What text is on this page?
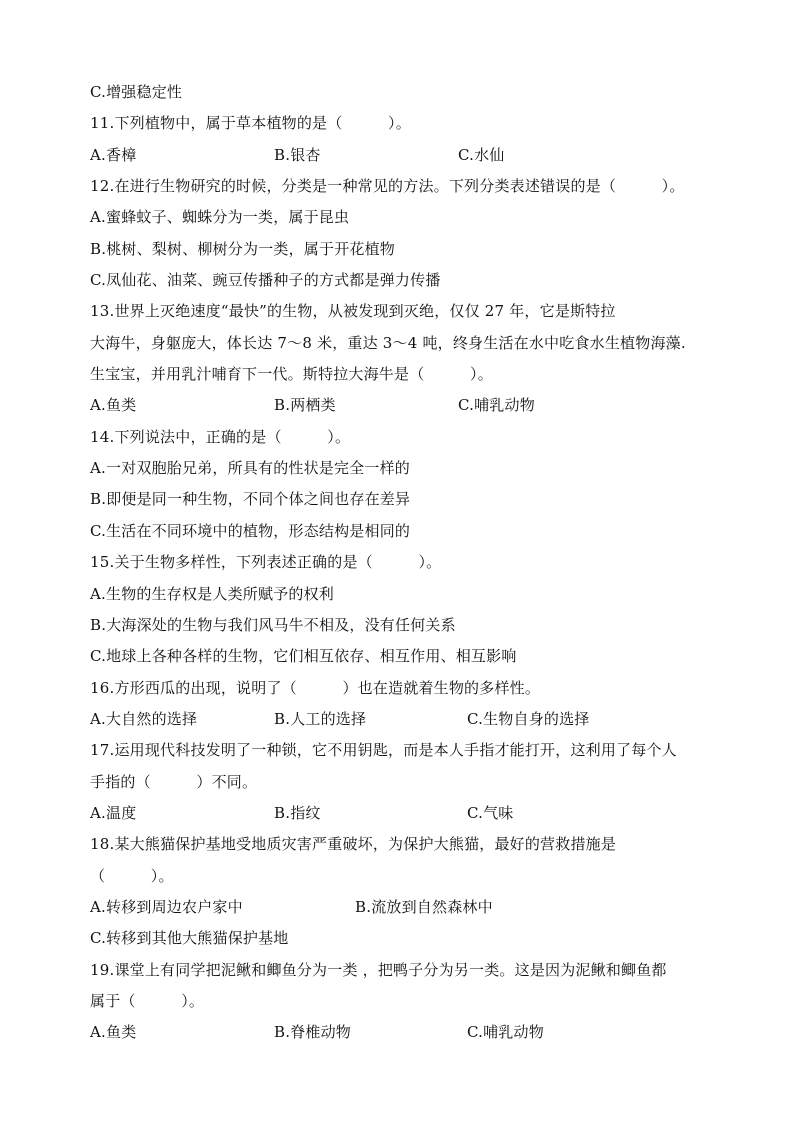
C.增强稳定性
11.下列植物中，属于草本植物的是（　　　）。
A.香樟	B.银杏	C.水仙
12.在进行生物研究的时候，分类是一种常见的方法。下列分类表述错误的是（　　　）。
A.蜜蜂蚊子、蜘蛛分为一类，属于昆虫
B.桃树、梨树、柳树分为一类，属于开花植物
C.凤仙花、油菜、豌豆传播种子的方式都是弹力传播
13.世界上灭绝速度“最快”的生物，从被发现到灭绝，仅仅 27 年，它是斯特拉
大海牛，身躯庞大，体长达 7～8 米，重达 3～4 吨，终身生活在水中吃食水生植物海藻.
生宝宝，并用乳汁哺育下一代。斯特拉大海牛是（　　　）。
A.鱼类	B.两栖类	C.哺乳动物
14.下列说法中，正确的是（　　　）。
A.一对双胞胎兄弟，所具有的性状是完全一样的
B.即便是同一种生物，不同个体之间也存在差异
C.生活在不同环境中的植物，形态结构是相同的
15.关于生物多样性，下列表述正确的是（　　　）。
A.生物的生存权是人类所赋予的权利
B.大海深处的生物与我们风马牛不相及，没有任何关系
C.地球上各种各样的生物，它们相互依存、相互作用、相互影响
16.方形西瓜的出现，说明了（　　　）也在造就着生物的多样性。
A.大自然的选择	B.人工的选择	C.生物自身的选择
17.运用现代科技发明了一种锁，它不用钥匙，而是本人手指才能打开，这利用了每个人
手指的（　　　）不同。
A.温度	B.指纹	C.气味
18.某大熊猫保护基地受地质灾害严重破坏，为保护大熊猫，最好的营救措施是
（　　　）。
A.转移到周边农户家中	B.流放到自然森林中
C.转移到其他大熊猫保护基地
19.课堂上有同学把泥鳅和鲫鱼分为一类 ，把鸭子分为另一类。这是因为泥鳅和鲫鱼都
属于（　　　）。
A.鱼类	B.脊椎动物	C.哺乳动物
